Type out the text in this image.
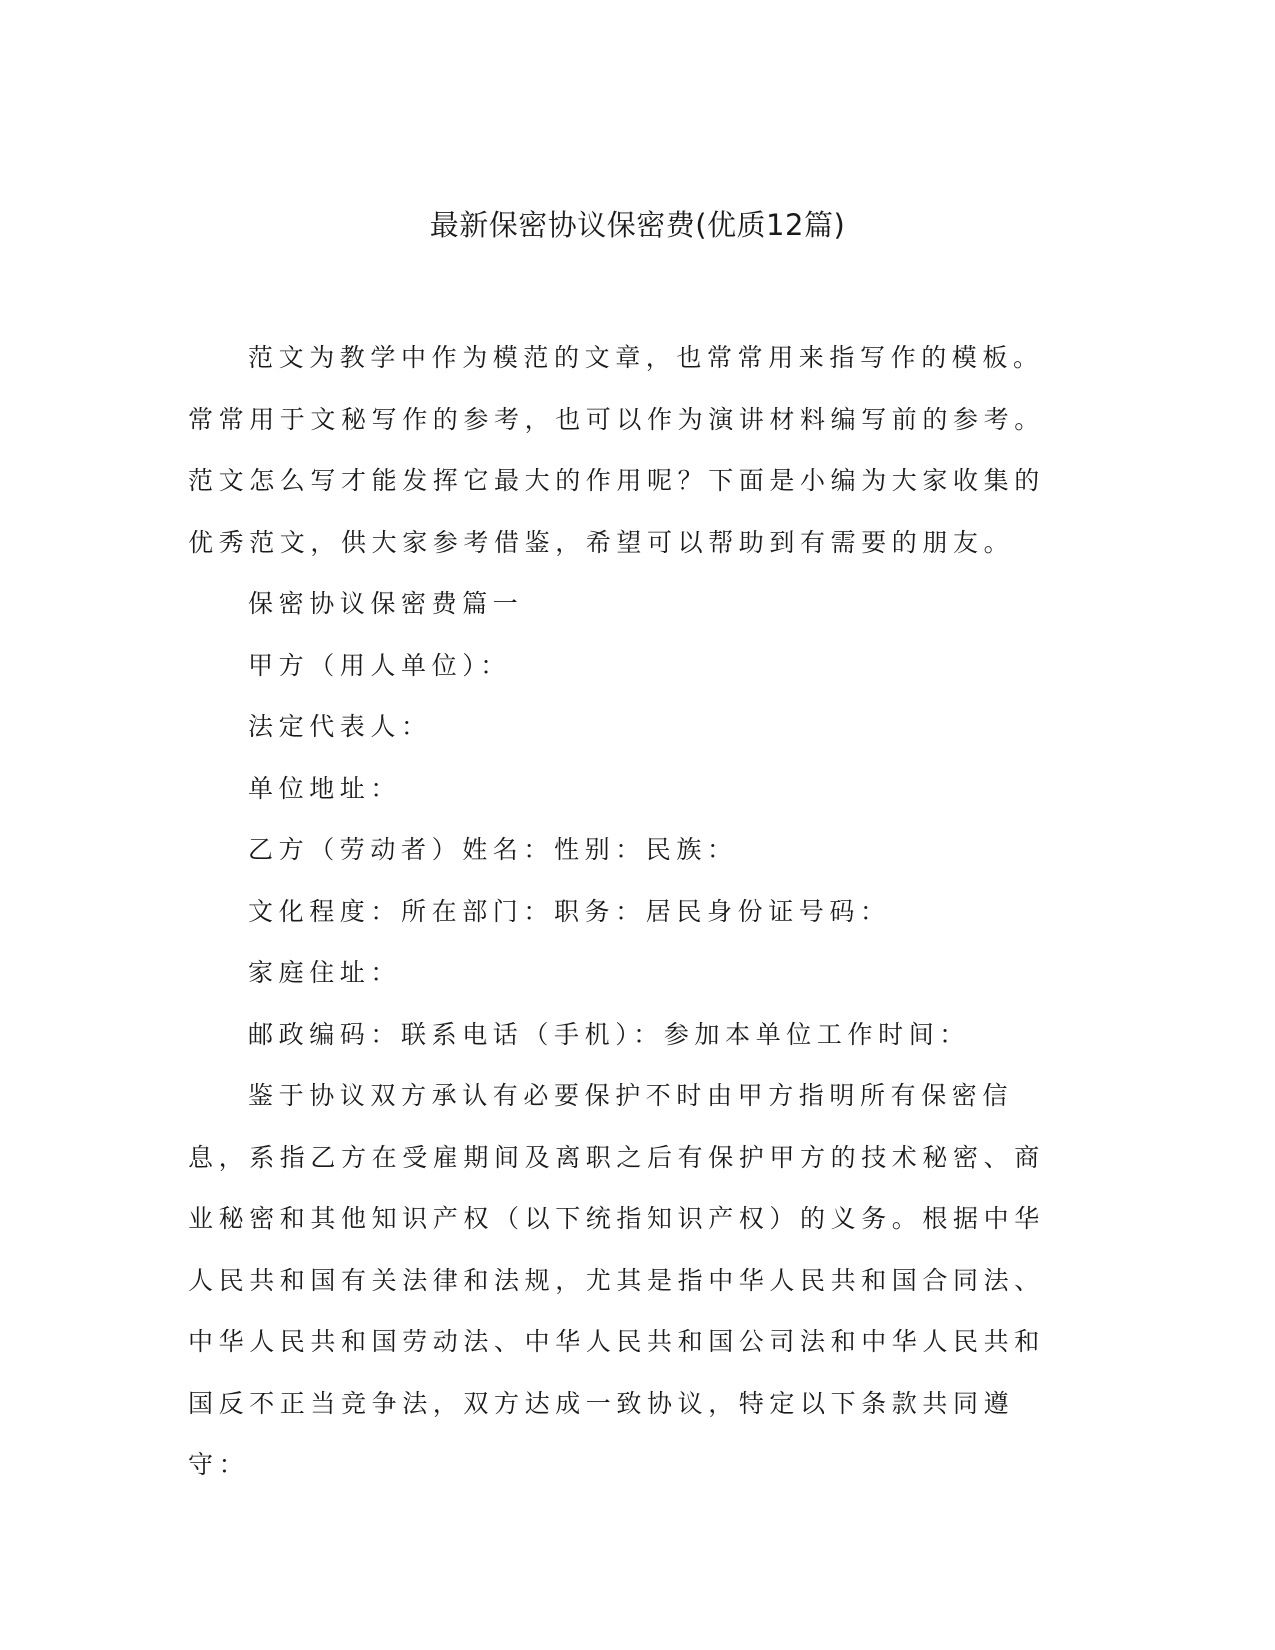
最新保密协议保密费(优质12篇)

范文为教学中作为模范的文章，也常常用来指写作的模板。常常用于文秘写作的参考，也可以作为演讲材料编写前的参考。范文怎么写才能发挥它最大的作用呢？下面是小编为大家收集的优秀范文，供大家参考借鉴，希望可以帮助到有需要的朋友。

保密协议保密费篇一

甲方（用人单位）：

法定代表人：

单位地址：

乙方（劳动者）姓名：性别：民族：

文化程度：所在部门：职务：居民身份证号码：

家庭住址：

邮政编码：联系电话（手机）：参加本单位工作时间：

鉴于协议双方承认有必要保护不时由甲方指明所有保密信息，系指乙方在受雇期间及离职之后有保护甲方的技术秘密、商业秘密和其他知识产权（以下统指知识产权）的义务。根据中华人民共和国有关法律和法规，尤其是指中华人民共和国合同法、中华人民共和国劳动法、中华人民共和国公司法和中华人民共和国反不正当竞争法，双方达成一致协议，特定以下条款共同遵守：
